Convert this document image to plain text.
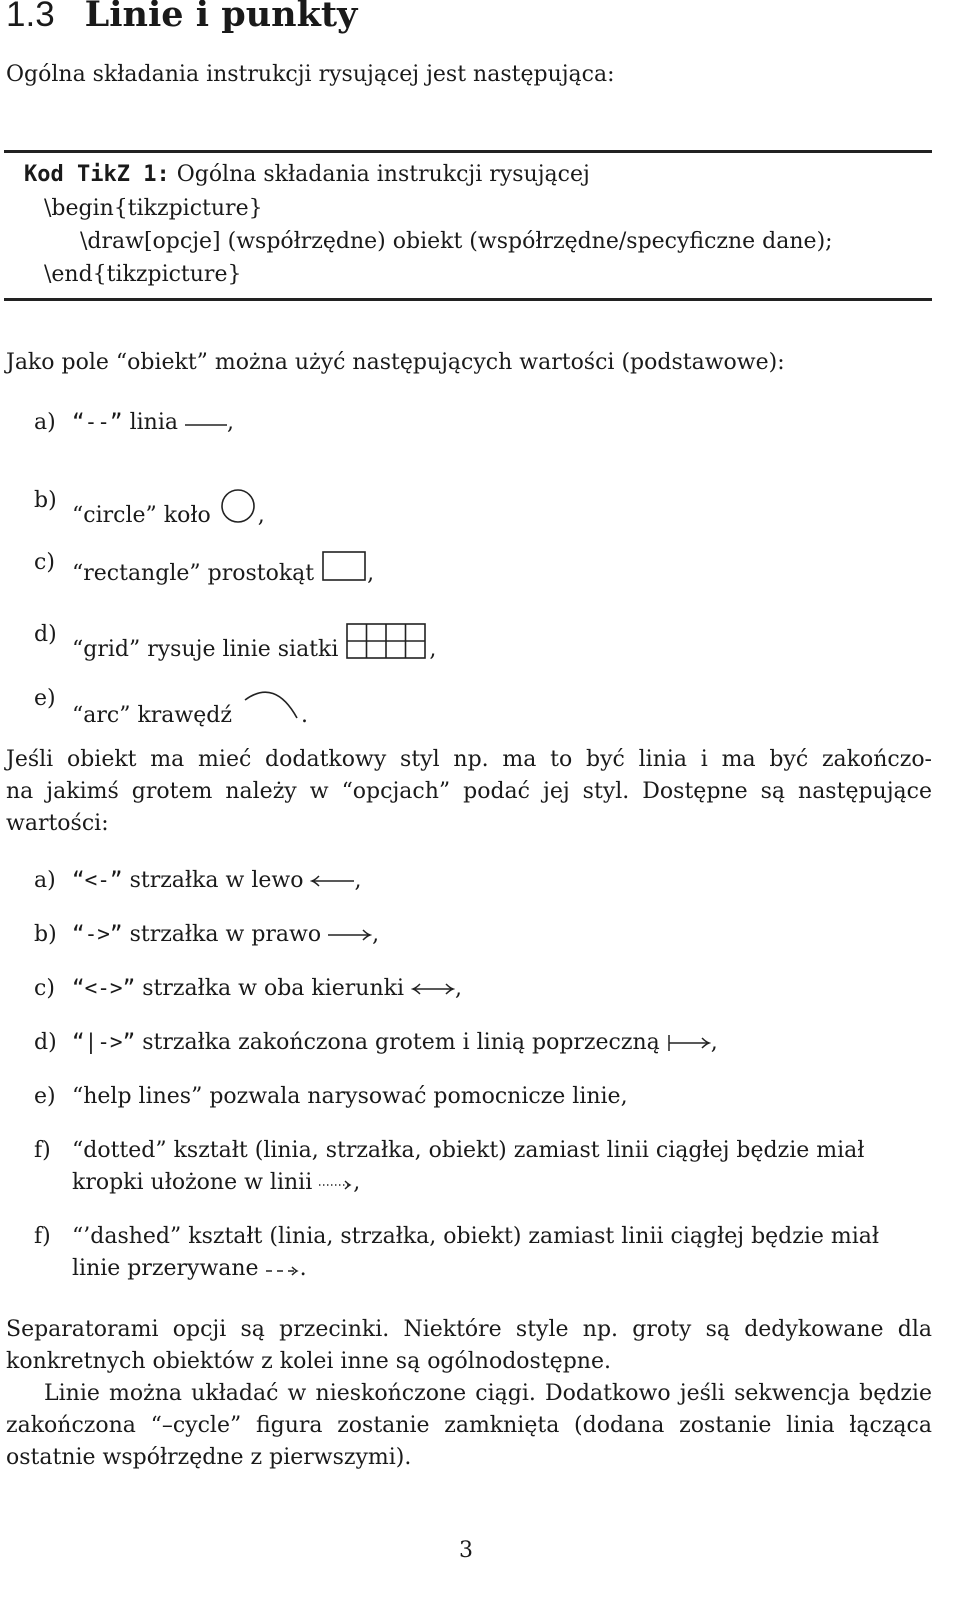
1.3 Linie i punkty
Ogólna składania instrukcji rysującej jest następująca:
Kod TikZ 1: Ogólna składania instrukcji rysującej
\begin{tikzpicture}
\draw[opcje] (współrzędne) obiekt (współrzędne/specyficzne dane);
\end{tikzpicture}
Jako pole “obiekt” można użyć następujących wartości (podstawowe):
a) “--” linia ,
b)
“circle” koło ,
c) “rectangle” prostokąt ,
d)
“grid” rysuje linie siatki	,
e)
“arc” krawędź	.
Jeśli obiekt ma mieć dodatkowy styl np. ma to być linia i ma być zakończo-
na jakimś grotem należy w “opcjach” podać jej styl. Dostępne są następujące
wartości:
a) “<-” strzałka w lewo ,
b) “->” strzałka w prawo ,
c) “<->” strzałka w oba kierunki ,
d) “|->” strzałka zakończona grotem i linią poprzeczną ,
e) “help lines” pozwala narysować pomocnicze linie,
f) “dotted” kształt (linia, strzałka, obiekt) zamiast linii ciągłej będzie miał
kropki ułożone w linii ,
f) “’dashed” kształt (linia, strzałka, obiekt) zamiast linii ciągłej będzie miał
linie przerywane .
Separatorami opcji są przecinki. Niektóre style np. groty są dedykowane dla
konkretnych obiektów z kolei inne są ogólnodostępne.
Linie można układać w nieskończone ciągi. Dodatkowo jeśli sekwencja będzie
zakończona “–cycle” figura zostanie zamknięta (dodana zostanie linia łącząca
ostatnie współrzędne z pierwszymi).
3
